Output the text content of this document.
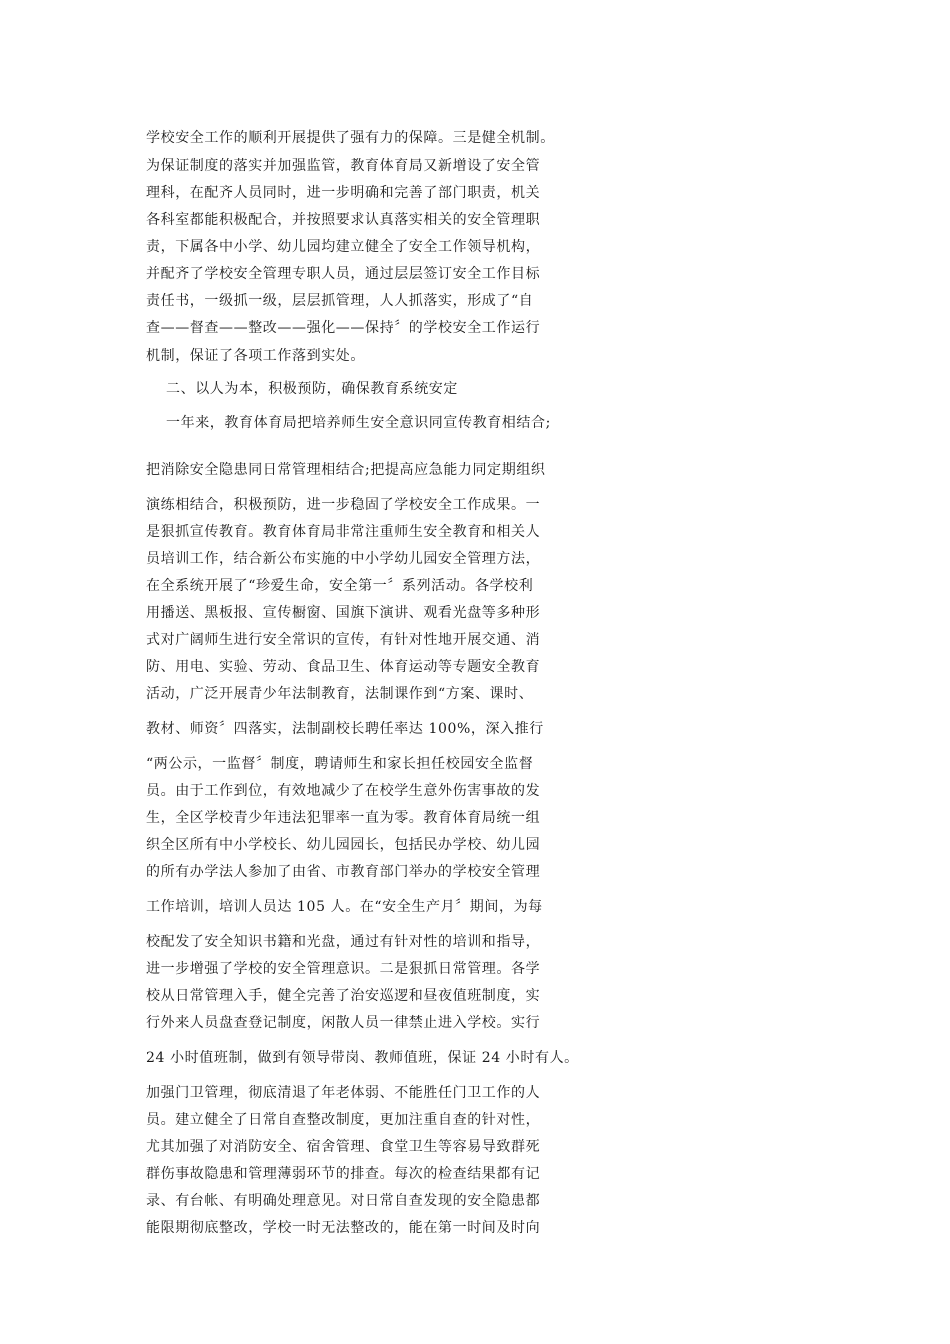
学校安全工作的顺利开展提供了强有力的保障。三是健全机制。
为保证制度的落实并加强监管，教育体育局又新增设了安全管
理科，在配齐人员同时，进一步明确和完善了部门职责，机关
各科室都能积极配合，并按照要求认真落实相关的安全管理职
责，下属各中小学、幼儿园均建立健全了安全工作领导机构，
并配齐了学校安全管理专职人员，通过层层签订安全工作目标
责任书，一级抓一级，层层抓管理，人人抓落实，形成了“自
查——督查——整改——强化——保持〞的学校安全工作运行
机制，保证了各项工作落到实处。
二、以人为本，积极预防，确保教育系统安定
一年来，教育体育局把培养师生安全意识同宣传教育相结合;
把消除安全隐患同日常管理相结合;把提高应急能力同定期组织
演练相结合，积极预防，进一步稳固了学校安全工作成果。一
是狠抓宣传教育。教育体育局非常注重师生安全教育和相关人
员培训工作，结合新公布实施的中小学幼儿园安全管理方法，
在全系统开展了“珍爱生命，安全第一〞系列活动。各学校利
用播送、黑板报、宣传橱窗、国旗下演讲、观看光盘等多种形
式对广阔师生进行安全常识的宣传，有针对性地开展交通、消
防、用电、实验、劳动、食品卫生、体育运动等专题安全教育
活动，广泛开展青少年法制教育，法制课作到“方案、课时、
教材、师资〞四落实，法制副校长聘任率达 100%，深入推行
“两公示，一监督〞制度，聘请师生和家长担任校园安全监督
员。由于工作到位，有效地减少了在校学生意外伤害事故的发
生，全区学校青少年违法犯罪率一直为零。教育体育局统一组
织全区所有中小学校长、幼儿园园长，包括民办学校、幼儿园
的所有办学法人参加了由省、市教育部门举办的学校安全管理
工作培训，培训人员达 105 人。在“安全生产月〞期间，为每
校配发了安全知识书籍和光盘，通过有针对性的培训和指导，
进一步增强了学校的安全管理意识。二是狠抓日常管理。各学
校从日常管理入手，健全完善了治安巡逻和昼夜值班制度，实
行外来人员盘查登记制度，闲散人员一律禁止进入学校。实行
24 小时值班制，做到有领导带岗、教师值班，保证 24 小时有人。
加强门卫管理，彻底清退了年老体弱、不能胜任门卫工作的人
员。建立健全了日常自查整改制度，更加注重自查的针对性，
尤其加强了对消防安全、宿舍管理、食堂卫生等容易导致群死
群伤事故隐患和管理薄弱环节的排查。每次的检查结果都有记
录、有台帐、有明确处理意见。对日常自查发现的安全隐患都
能限期彻底整改，学校一时无法整改的，能在第一时间及时向
